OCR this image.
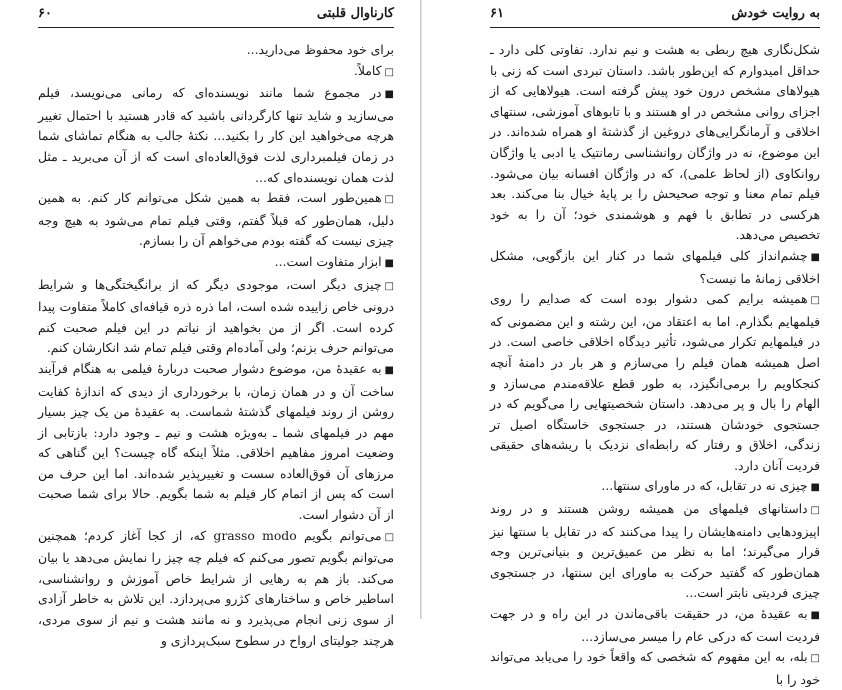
کارناوال قلبتی
۶۰

برای خود محفوظ می‌دارید...

□کاملاً.

■در مجموع شما مانند نویسنده‌ای که رمانی می‌نویسد، فیلم می‌سازید و شاید تنها کارگردانی باشید که قادر هستید با احتمال تغییر هرچه می‌خواهید این کار را بکنید... نکتهٔ جالب به هنگام تماشای شما در زمان فیلمبرداری لذت فوق‌العاده‌ای است که از آن می‌برید ـ مثل لذت همان نویسنده‌ای که...

□همین‌طور است، فقط به همین شکل می‌توانم کار کنم. به همین دلیل، همان‌طور که قبلاً گفتم، وقتی فیلم تمام می‌شود به هیچ وجه چیزی نیست که گفته بودم می‌خواهم آن را بسازم.

■ابزار متفاوت است...

□چیزی دیگر است، موجودی دیگر که از برانگیختگی‌ها و شرایط درونی خاص زاییده شده است، اما ذره ذره قیافه‌ای کاملاً متفاوت پیدا کرده است. اگر از من بخواهید از نیاتم در این فیلم صحبت کنم می‌توانم حرف بزنم؛ ولی آماده‌ام وقتی فیلم تمام شد انکارشان کنم.

■به عقیدهٔ من، موضوع دشوار صحبت دربارهٔ فیلمی به هنگام فرآیند ساخت آن و در همان زمان، با برخورداری از دیدی که اندازهٔ کفایت روشن از روند فیلمهای گذشتهٔ شماست. به عقیدهٔ من یک چیز بسیار مهم در فیلمهای شما ـ به‌ویژه هشت و نیم ـ وجود دارد: بازتابی از وضعیت امروز مفاهیم اخلاقی. مثلاً اینکه گاه چیست؟ این گناهی که مرزهای آن فوق‌العاده سست و تغییرپذیر شده‌اند. اما این حرف من است که پس از اتمام کار فیلم به شما بگویم. حالا برای شما صحبت از آن دشوار است.

□می‌توانم بگویم grasso modo که، از کجا آغاز کردم؛ همچنین می‌توانم بگویم تصور می‌کنم که فیلم چه چیز را نمایش می‌دهد یا بیان می‌کند. باز هم به رهایی از شرایط خاص آموزش و روانشناسی، اساطیر خاص و ساختارهای کژرو می‌پردازد. این تلاش به خاطر آزادی از سوی زنی انجام می‌پذیرد و نه مانند هشت و نیم از سوی مردی، هرچند جولیتای ارواح در سطوح سبک‌پردازی و

به روایت خودش
۶۱

شکل‌نگاری هیچ ربطی به هشت و نیم ندارد. تفاوتی کلی دارد ـ حداقل امیدوارم که این‌طور باشد. داستان تبردی است که زنی با هیولاهای مشخص درون خود پیش گرفته است. هیولاهایی که از اجزای روانی مشخص در او هستند و با تابوهای آموزشی، سنتهای اخلاقی و آرمانگرایی‌های دروغین از گذشتهٔ او همراه شده‌اند. در این موضوع، نه در واژگان روانشناسی رمانتیک یا ادبی یا واژگان روانکاوی (از لحاظ علمی)، که در واژگان افسانه بیان می‌شود. فیلم تمام معنا و توجه صحیحش را بر پایهٔ خیال بنا می‌کند. بعد هرکسی در تطابق با فهم و هوشمندی خود؛ آن را به خود تخصیص می‌دهد.

■چشم‌انداز کلی فیلمهای شما در کنار این بازگویی، مشکل اخلاقی زمانهٔ ما نیست؟

□همیشه برایم کمی دشوار بوده است که صدایم را روی فیلمهایم بگذارم. اما به اعتقاد من، این رشته و این مضمونی که در فیلمهایم تکرار می‌شود، تأثیر دیدگاه اخلاقی خاصی است. در اصل همیشه همان فیلم را می‌سازم و هر بار در دامنهٔ آنچه کنجکاویم را برمی‌انگیزد، به طور قطع علاقه‌مندم می‌سازد و الهام را بال و پر می‌دهد. داستان شخصیتهایی را می‌گویم که در جستجوی خودشان هستند، در جستجوی خاستگاه اصیل تر زندگی، اخلاق و رفتار که رابطه‌ای نزدیک با ریشه‌های حقیقی فردیت آنان دارد.

■چیزی نه در تقابل، که در ماورای سنتها...

□داستانهای فیلمهای من همیشه روشن هستند و در روند اپیزودهایی دامنه‌هایشان را پیدا می‌کنند که در تقابل با سنتها نیز قرار می‌گیرند؛ اما به نظر من عمیق‌ترین و بنیانی‌ترین وجه همان‌طور که گفتید حرکت به ماورای این سنتها، در جستجوی چیزی فردیتی نابتر است...

■به عقیدهٔ من، در حقیقت باقی‌ماندن در این راه و در جهت فردیت است که درکی عام را میسر می‌سازد...

□بله، به این مفهوم که شخصی که واقعاً خود را می‌یابد می‌تواند خود را با
